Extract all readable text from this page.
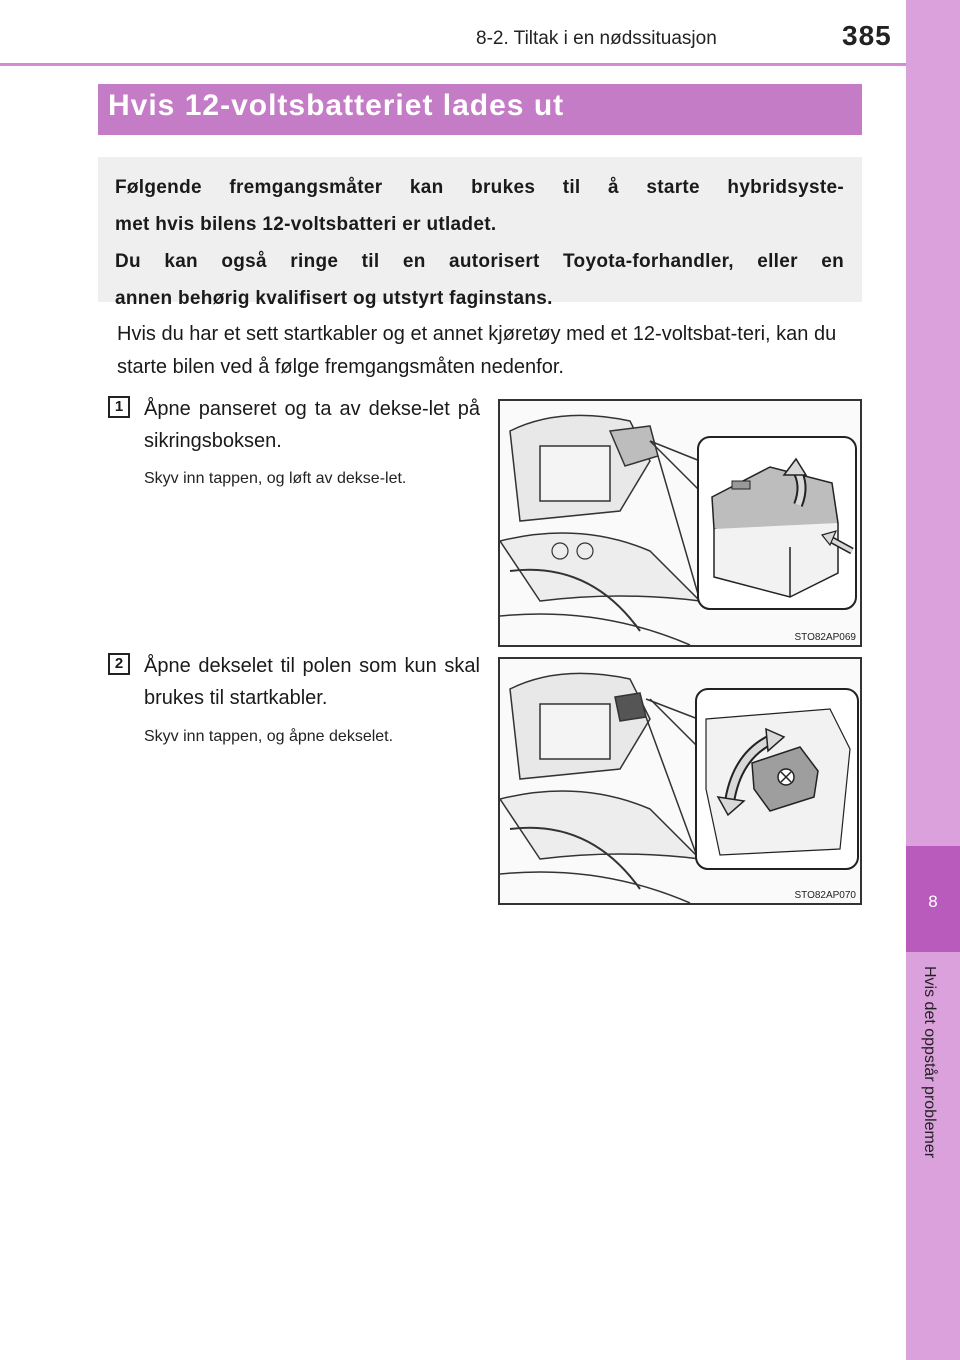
8-2. Tiltak i en nødssituasjon	385
8
Hvis det oppstår problemer
Hvis 12-voltsbatteriet lades ut

Følgende fremgangsmåter kan brukes til å starte hybridsyste-

met hvis bilens 12-voltsbatteri er utladet.

Du kan også ringe til en autorisert Toyota-forhandler, eller en

annen behørig kvalifisert og utstyrt faginstans.

Hvis du har et sett startkabler og et annet kjøretøy med et 12-voltsbat-teri, kan du starte bilen ved å følge fremgangsmåten nedenfor.

1	Åpne panseret og ta av dekse-let på sikringsboksen.

Skyv inn tappen, og løft av dekse-let.

STO82AP069
2	Åpne dekselet til polen som kun skal brukes til startkabler.

Skyv inn tappen, og åpne dekselet.

STO82AP070
